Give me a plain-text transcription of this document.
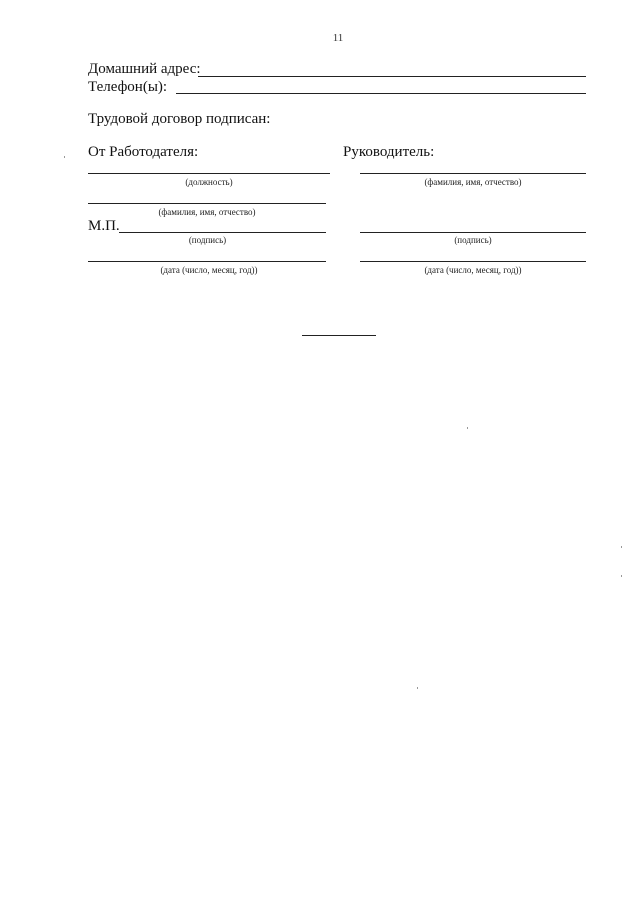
11
Домашний адрес:
Телефон(ы):
Трудовой договор подписан:
От Работодателя:
(должность)
(фамилия, имя, отчество)
М.П.
(подпись)
(дата (число, месяц, год))
Руководитель:
(фамилия, имя, отчество)
(подпись)
(дата (число, месяц, год))
